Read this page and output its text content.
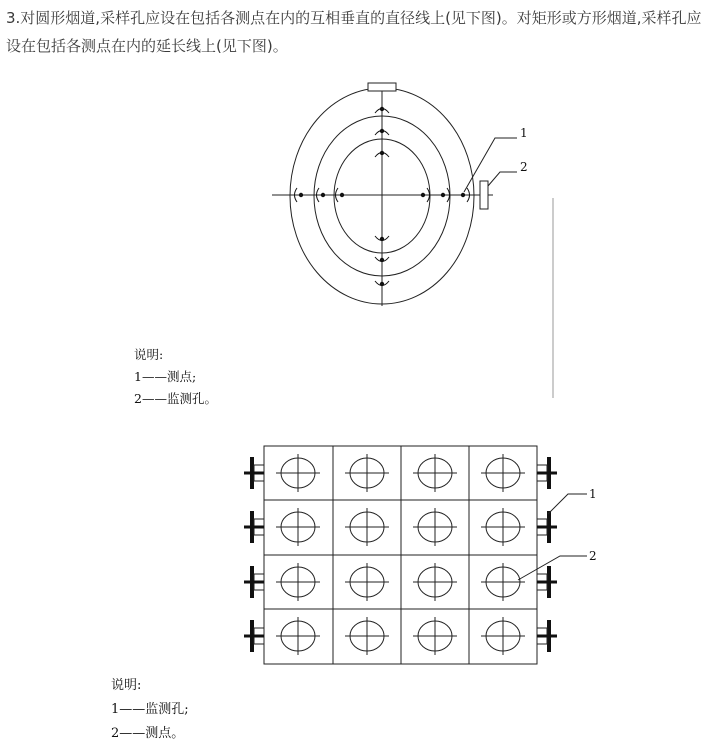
3.对圆形烟道,采样孔应设在包括各测点在内的互相垂直的直径线上(见下图)。对矩形或方形烟道,采样孔应设在包括各测点在内的延长线上(见下图)。
1
2
1
2
说明:
1——测点;
2——监测孔。
说明:
1——监测孔;
2——测点。
